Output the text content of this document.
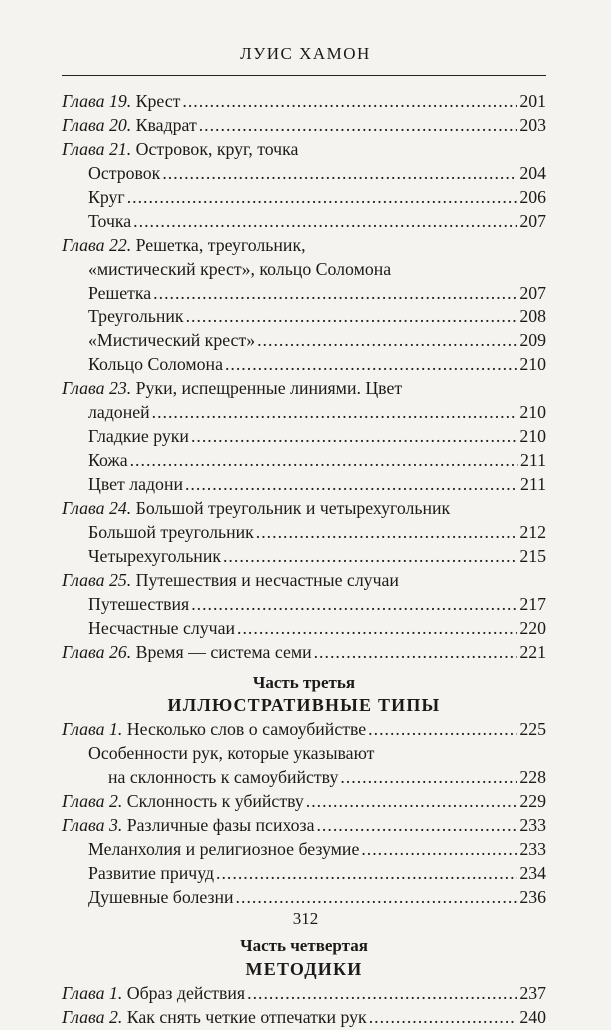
ЛУИС ХАМОН
Глава 19. Крест .....	201
Глава 20. Квадрат .....	203
Глава 21. Островок, круг, точка
Островок .....	204
Круг .....	206
Точка .....	207
Глава 22. Решетка, треугольник,
«мистический крест», кольцо Соломона
Решетка .....	207
Треугольник .....	208
«Мистический крест» .....	209
Кольцо Соломона .....	210
Глава 23. Руки, испещренные линиями. Цвет
ладоней .....	210
Гладкие руки .....	210
Кожа .....	211
Цвет ладони .....	211
Глава 24. Большой треугольник и четырехугольник
Большой треугольник .....	212
Четырехугольник .....	215
Глава 25. Путешествия и несчастные случаи
Путешествия .....	217
Несчастные случаи .....	220
Глава 26. Время — система семи .....	221
Часть третья
ИЛЛЮСТРАТИВНЫЕ ТИПЫ
Глава 1. Несколько слов о самоубийстве .....	225
Особенности рук, которые указывают
на склонность к самоубийству .....	228
Глава 2. Склонность к убийству .....	229
Глава 3. Различные фазы психоза .....	233
Меланхолия и религиозное безумие .....	233
Развитие причуд .....	234
Душевные болезни .....	236
Часть четвертая
МЕТОДИКИ
Глава 1. Образ действия .....	237
Глава 2. Как снять четкие отпечатки рук .....	240
312
